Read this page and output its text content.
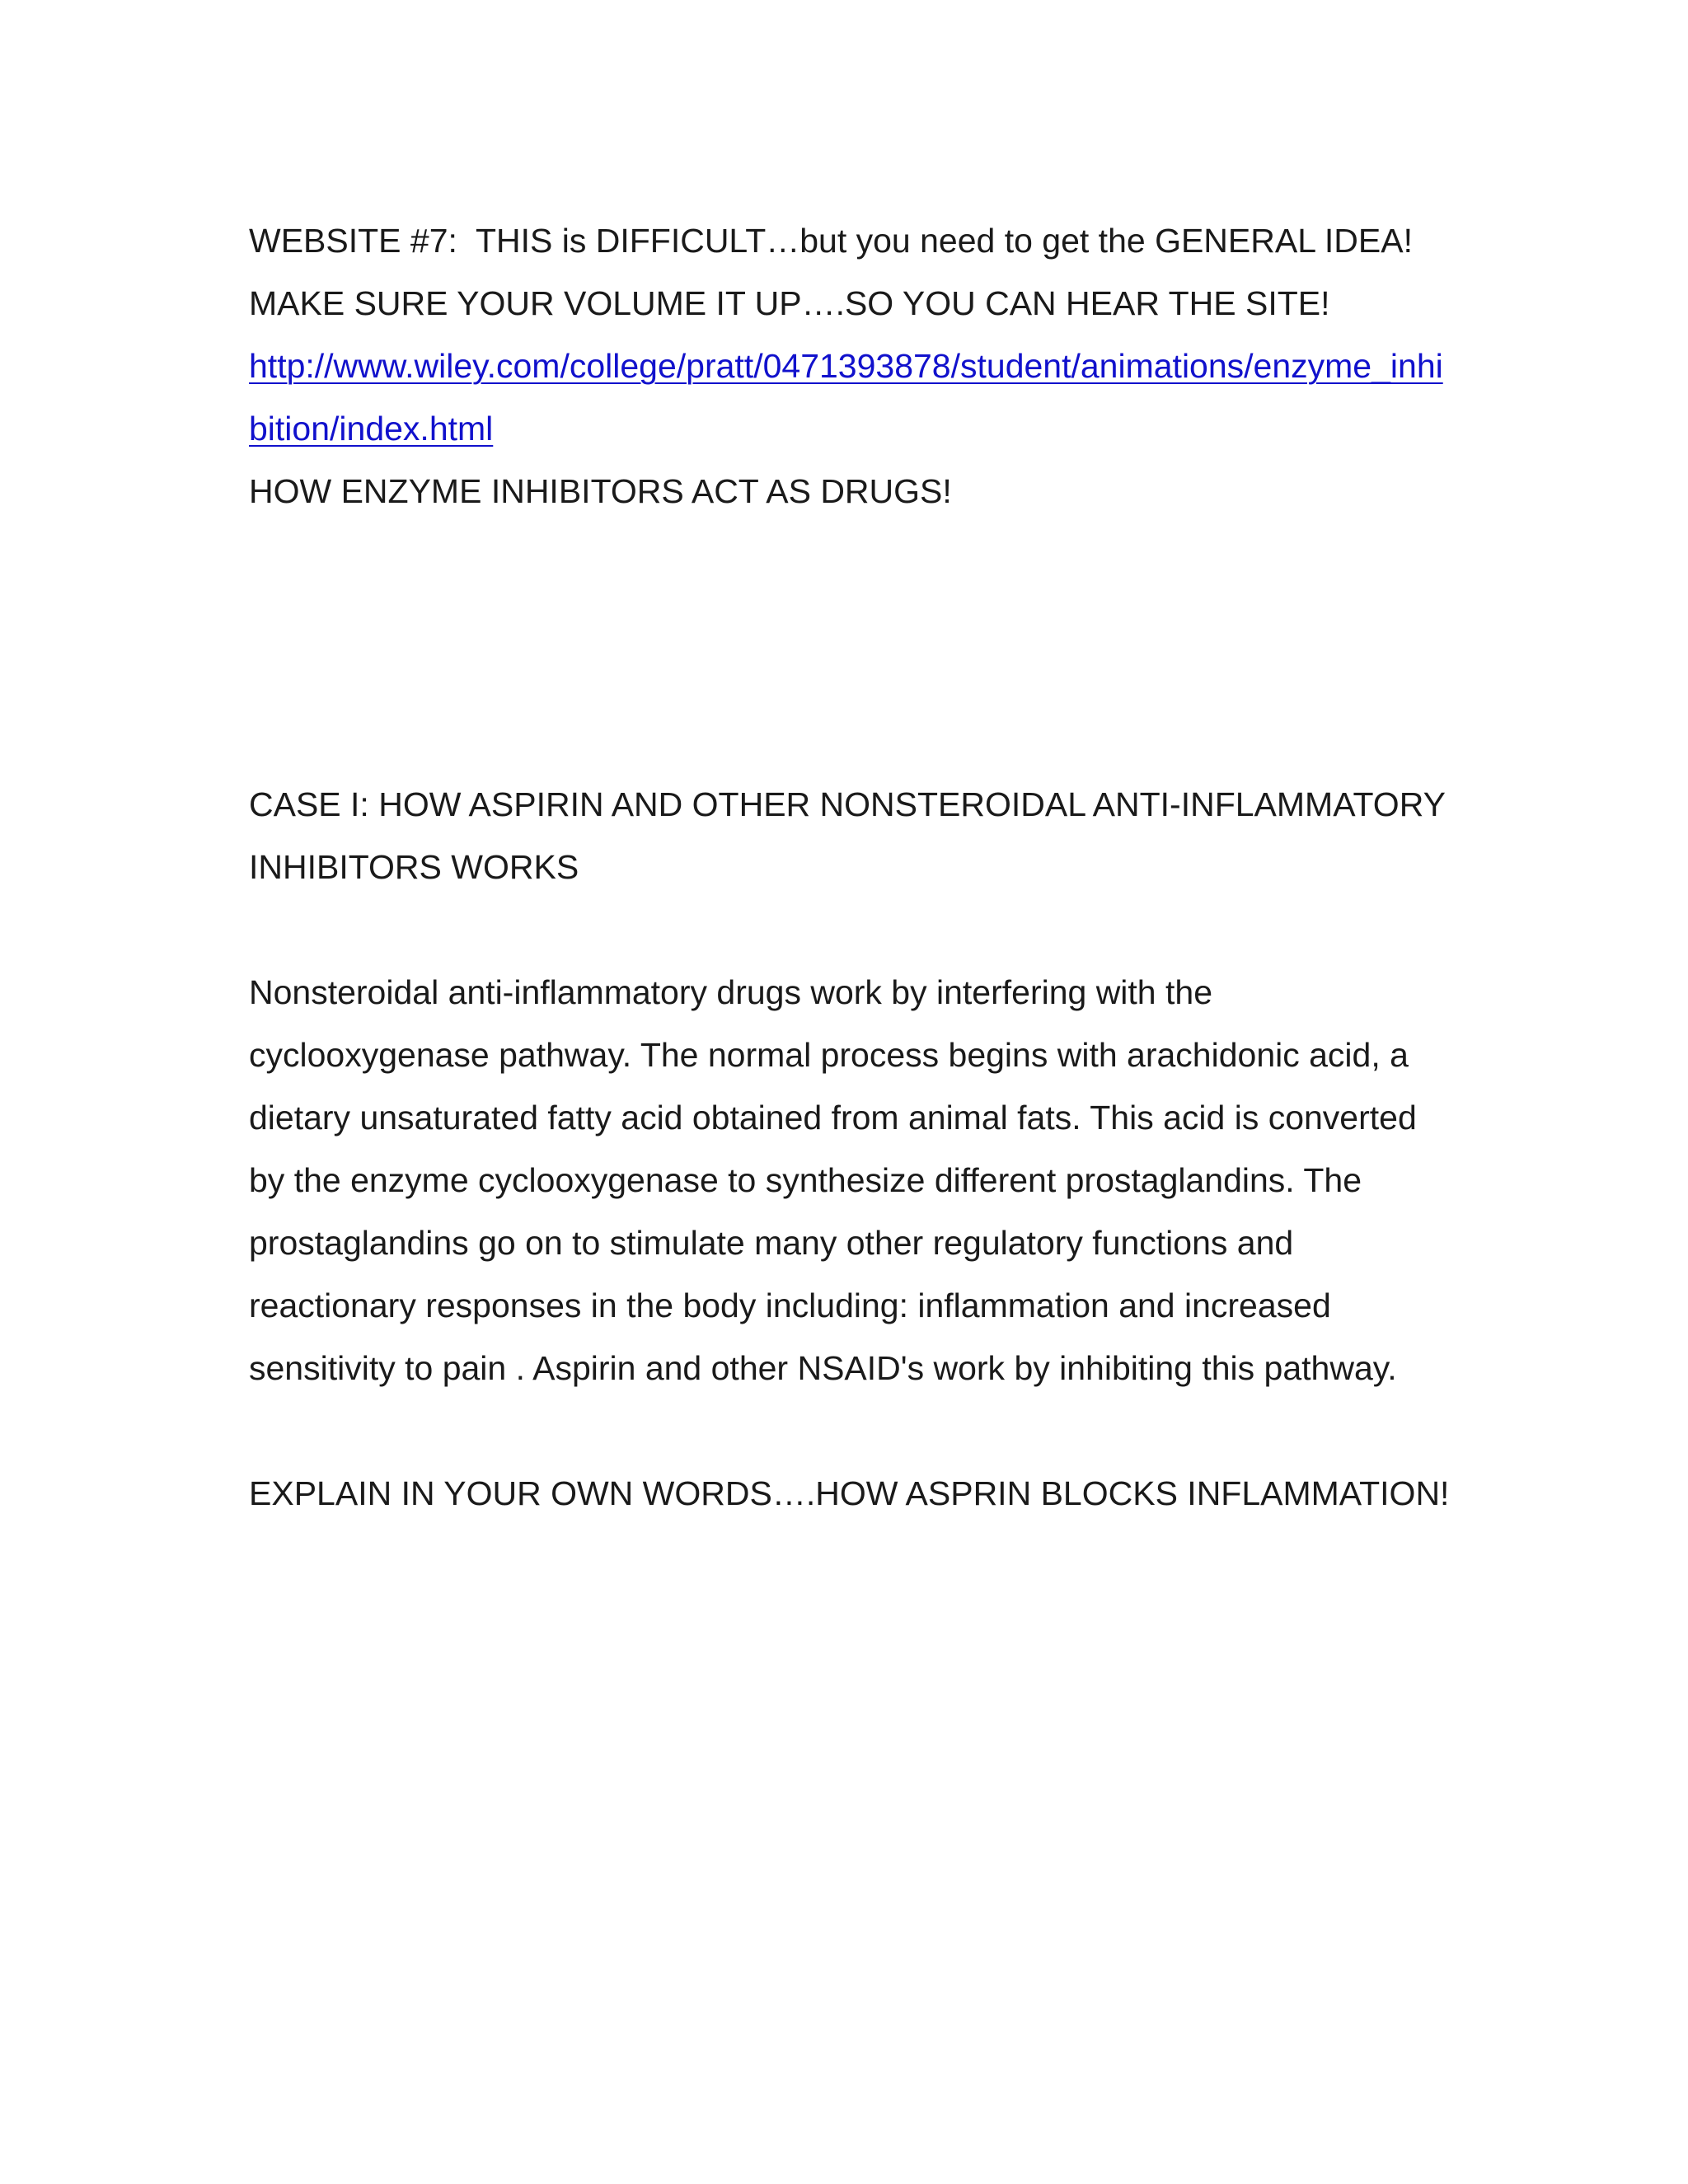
WEBSITE #7:  THIS is DIFFICULT…but you need to get the GENERAL IDEA!  MAKE SURE YOUR VOLUME IT UP….SO YOU CAN HEAR THE SITE!

http://www.wiley.com/college/pratt/0471393878/student/animations/enzyme_inhibition/index.html

HOW ENZYME INHIBITORS ACT AS DRUGS!

CASE I: HOW ASPIRIN AND OTHER NONSTEROIDAL ANTI-INFLAMMATORY INHIBITORS WORKS

Nonsteroidal anti-inflammatory drugs work by interfering with the cyclooxygenase pathway. The normal process begins with arachidonic acid, a dietary unsaturated fatty acid obtained from animal fats. This acid is converted by the enzyme cyclooxygenase to synthesize different prostaglandins. The prostaglandins go on to stimulate many other regulatory functions and reactionary responses in the body including: inflammation and increased sensitivity to pain . Aspirin and other NSAID's work by inhibiting this pathway.

EXPLAIN IN YOUR OWN WORDS….HOW ASPRIN BLOCKS INFLAMMATION!
